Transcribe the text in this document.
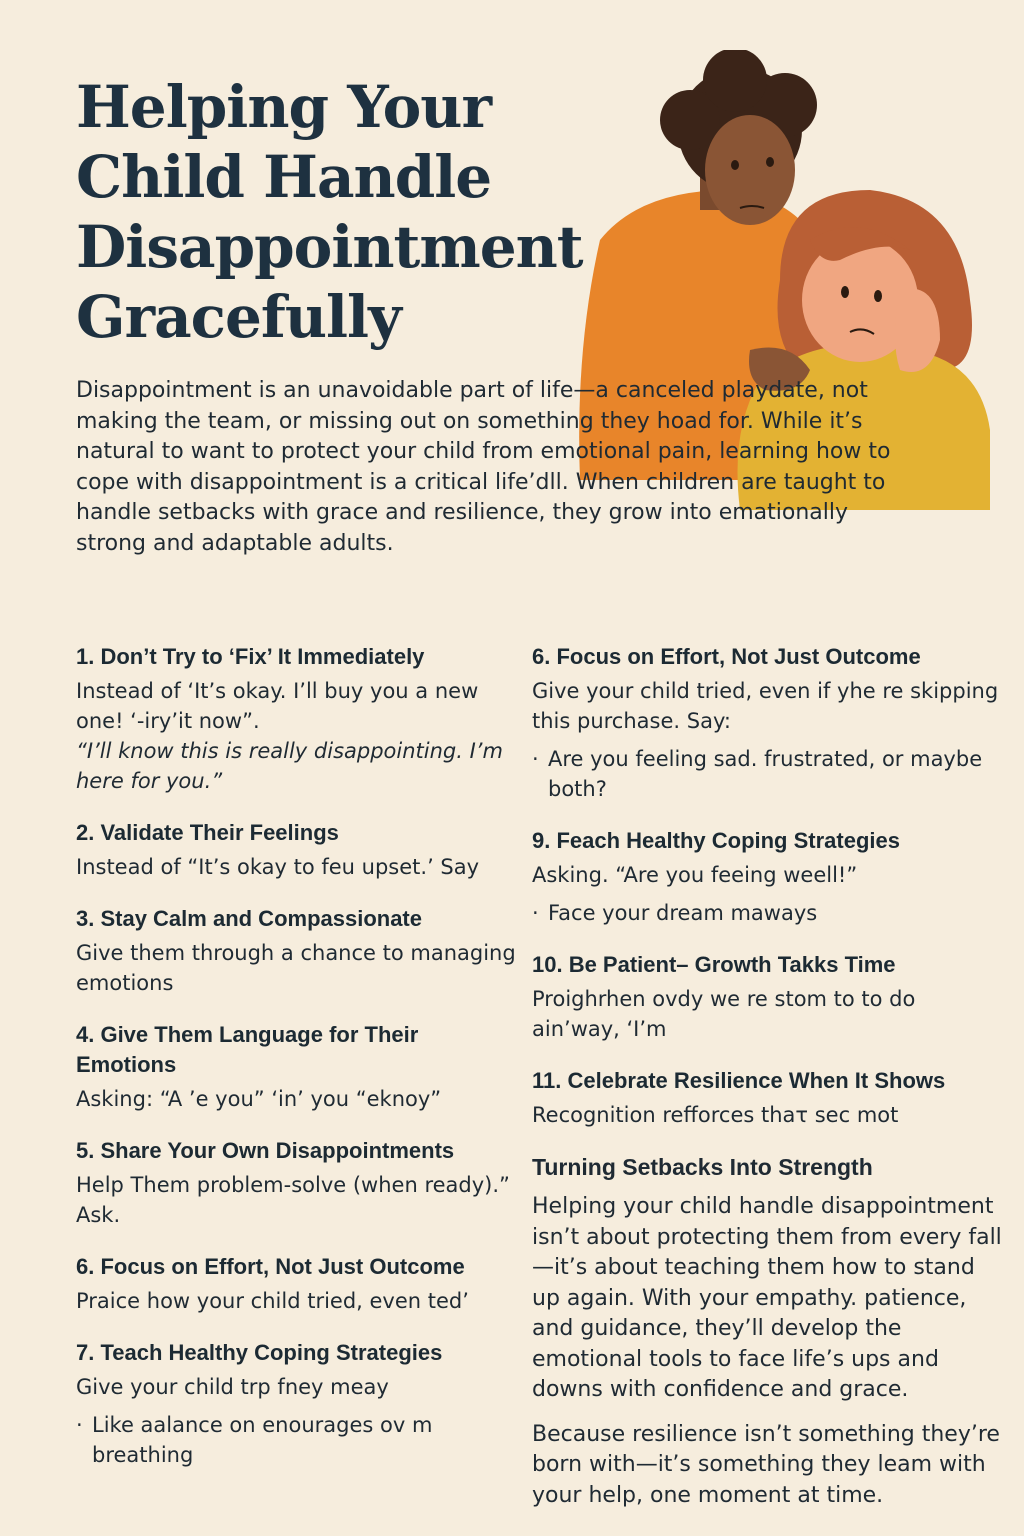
Helping Your Child Handle Disappointment Gracefully

Disappointment is an unavoidable part of life—a canceled playdate, not making the team, or missing out on something they hoad for. While it’s natural to want to protect your child from emotional pain, learning how to cope with disappointment is a critical life’dll. When children are taught to handle setbacks with grace and resilience, they grow into emationally strong and adaptable adults.

1. Don’t Try to ‘Fix’ It Immediately

Instead of ‘It’s okay. I’ll buy you a new one! ‘-iry’it now”.

“I’ll know this is really disappointing. I’m here for you.”

2. Validate Their Feelings

Instead of “It’s okay to feu upset.’ Say

3. Stay Calm and Compassionate

Give them through a chance to managing emotions

4. Give Them Language for Their Emotions

Asking: “A ’e you” ‘in’ you “eknoy”

5. Share Your Own Disappointments

Help Them problem-solve (when ready).” Ask.

6. Focus on Effort, Not Just Outcome

Praice how your child tried, even ted’

7. Teach Healthy Coping Strategies

Give your child trp fney meay

· Like aalance on enourages ov m breathing
6. Focus on Effort, Not Just Outcome

Give your child tried, even if yhe re skipping this purchase. Say:

· Are you feeling sad. frustrated, or maybe both?
9. Feach Healthy Coping Strategies

Asking. “Are you feeing weell!”

· Face your dream maways
10. Be Patient– Growth Takks Time

Proighrhen ovdy we re stom to to do ain’way, ‘I’m

11. Celebrate Resilience When It Shows

Recognition refforces thaτ sec mot

Turning Setbacks Into Strength

Helping your child handle disappointment isn’t about protecting them from every fall—it’s about teaching them how to stand up again. With your empathy. patience, and guidance, they’ll develop the emotional tools to face life’s ups and downs with confidence and grace.

Because resilience isn’t something they’re born with—it’s something they leam with your help, one moment at time.
